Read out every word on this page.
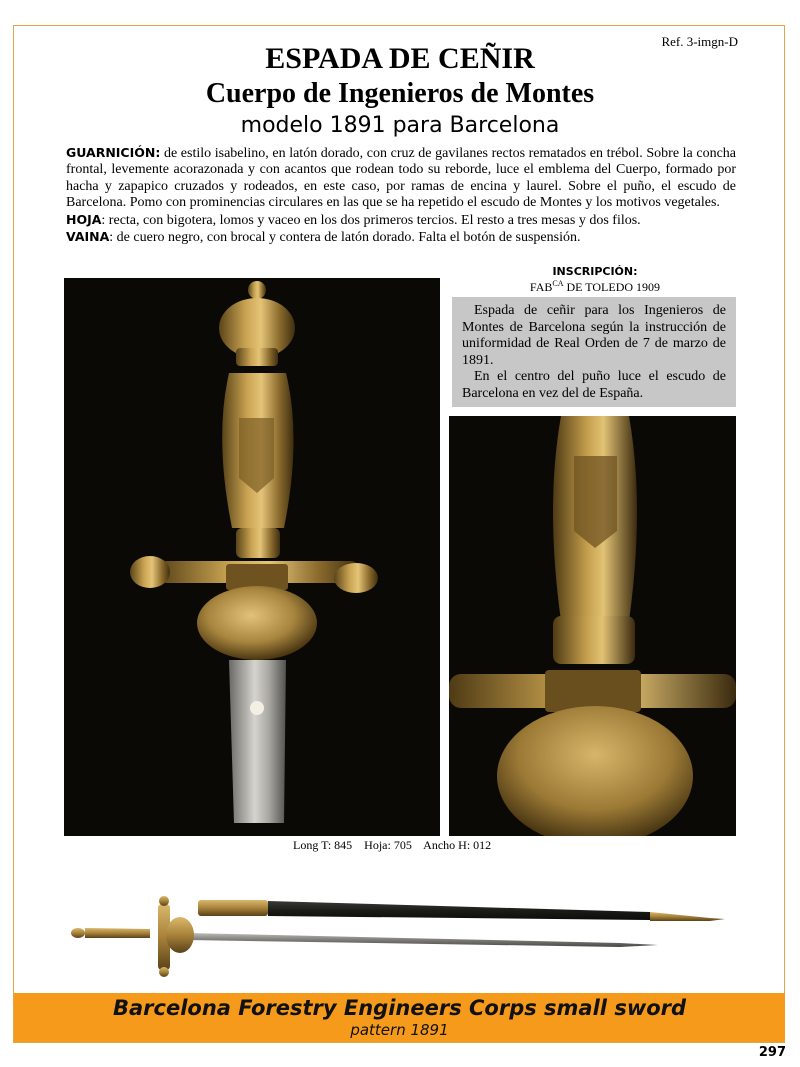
Ref. 3-imgn-D
ESPADA DE CEÑIR
Cuerpo de Ingenieros de Montes
modelo 1891 para Barcelona

GUARNICIÓN: de estilo isabelino, en latón dorado, con cruz de gavilanes rectos rematados en trébol. Sobre la concha frontal, levemente acorazonada y con acantos que rodean todo su reborde, luce el emblema del Cuerpo, formado por hacha y zapapico cruzados y rodeados, en este caso, por ramas de encina y laurel. Sobre el puño, el escudo de Barcelona. Pomo con prominencias circulares en las que se ha repetido el escudo de Montes y los motivos vegetales.

HOJA: recta, con bigotera, lomos y vaceo en los dos primeros tercios. El resto a tres mesas y dos filos.

VAINA: de cuero negro, con brocal y contera de latón dorado. Falta el botón de suspensión.

INSCRIPCIÓN:
$FAB^{CA}$ DE TOLEDO 1909

Espada de ceñir para los Ingenieros de Montes de Barcelona según la instrucción de uniformidad de Real Orden de 7 de marzo de 1891.

En el centro del puño luce el escudo de Barcelona en vez del de España.

Long T: 845    Hoja: 705    Ancho H: 012
Barcelona Forestry Engineers Corps small sword
pattern 1891
297
